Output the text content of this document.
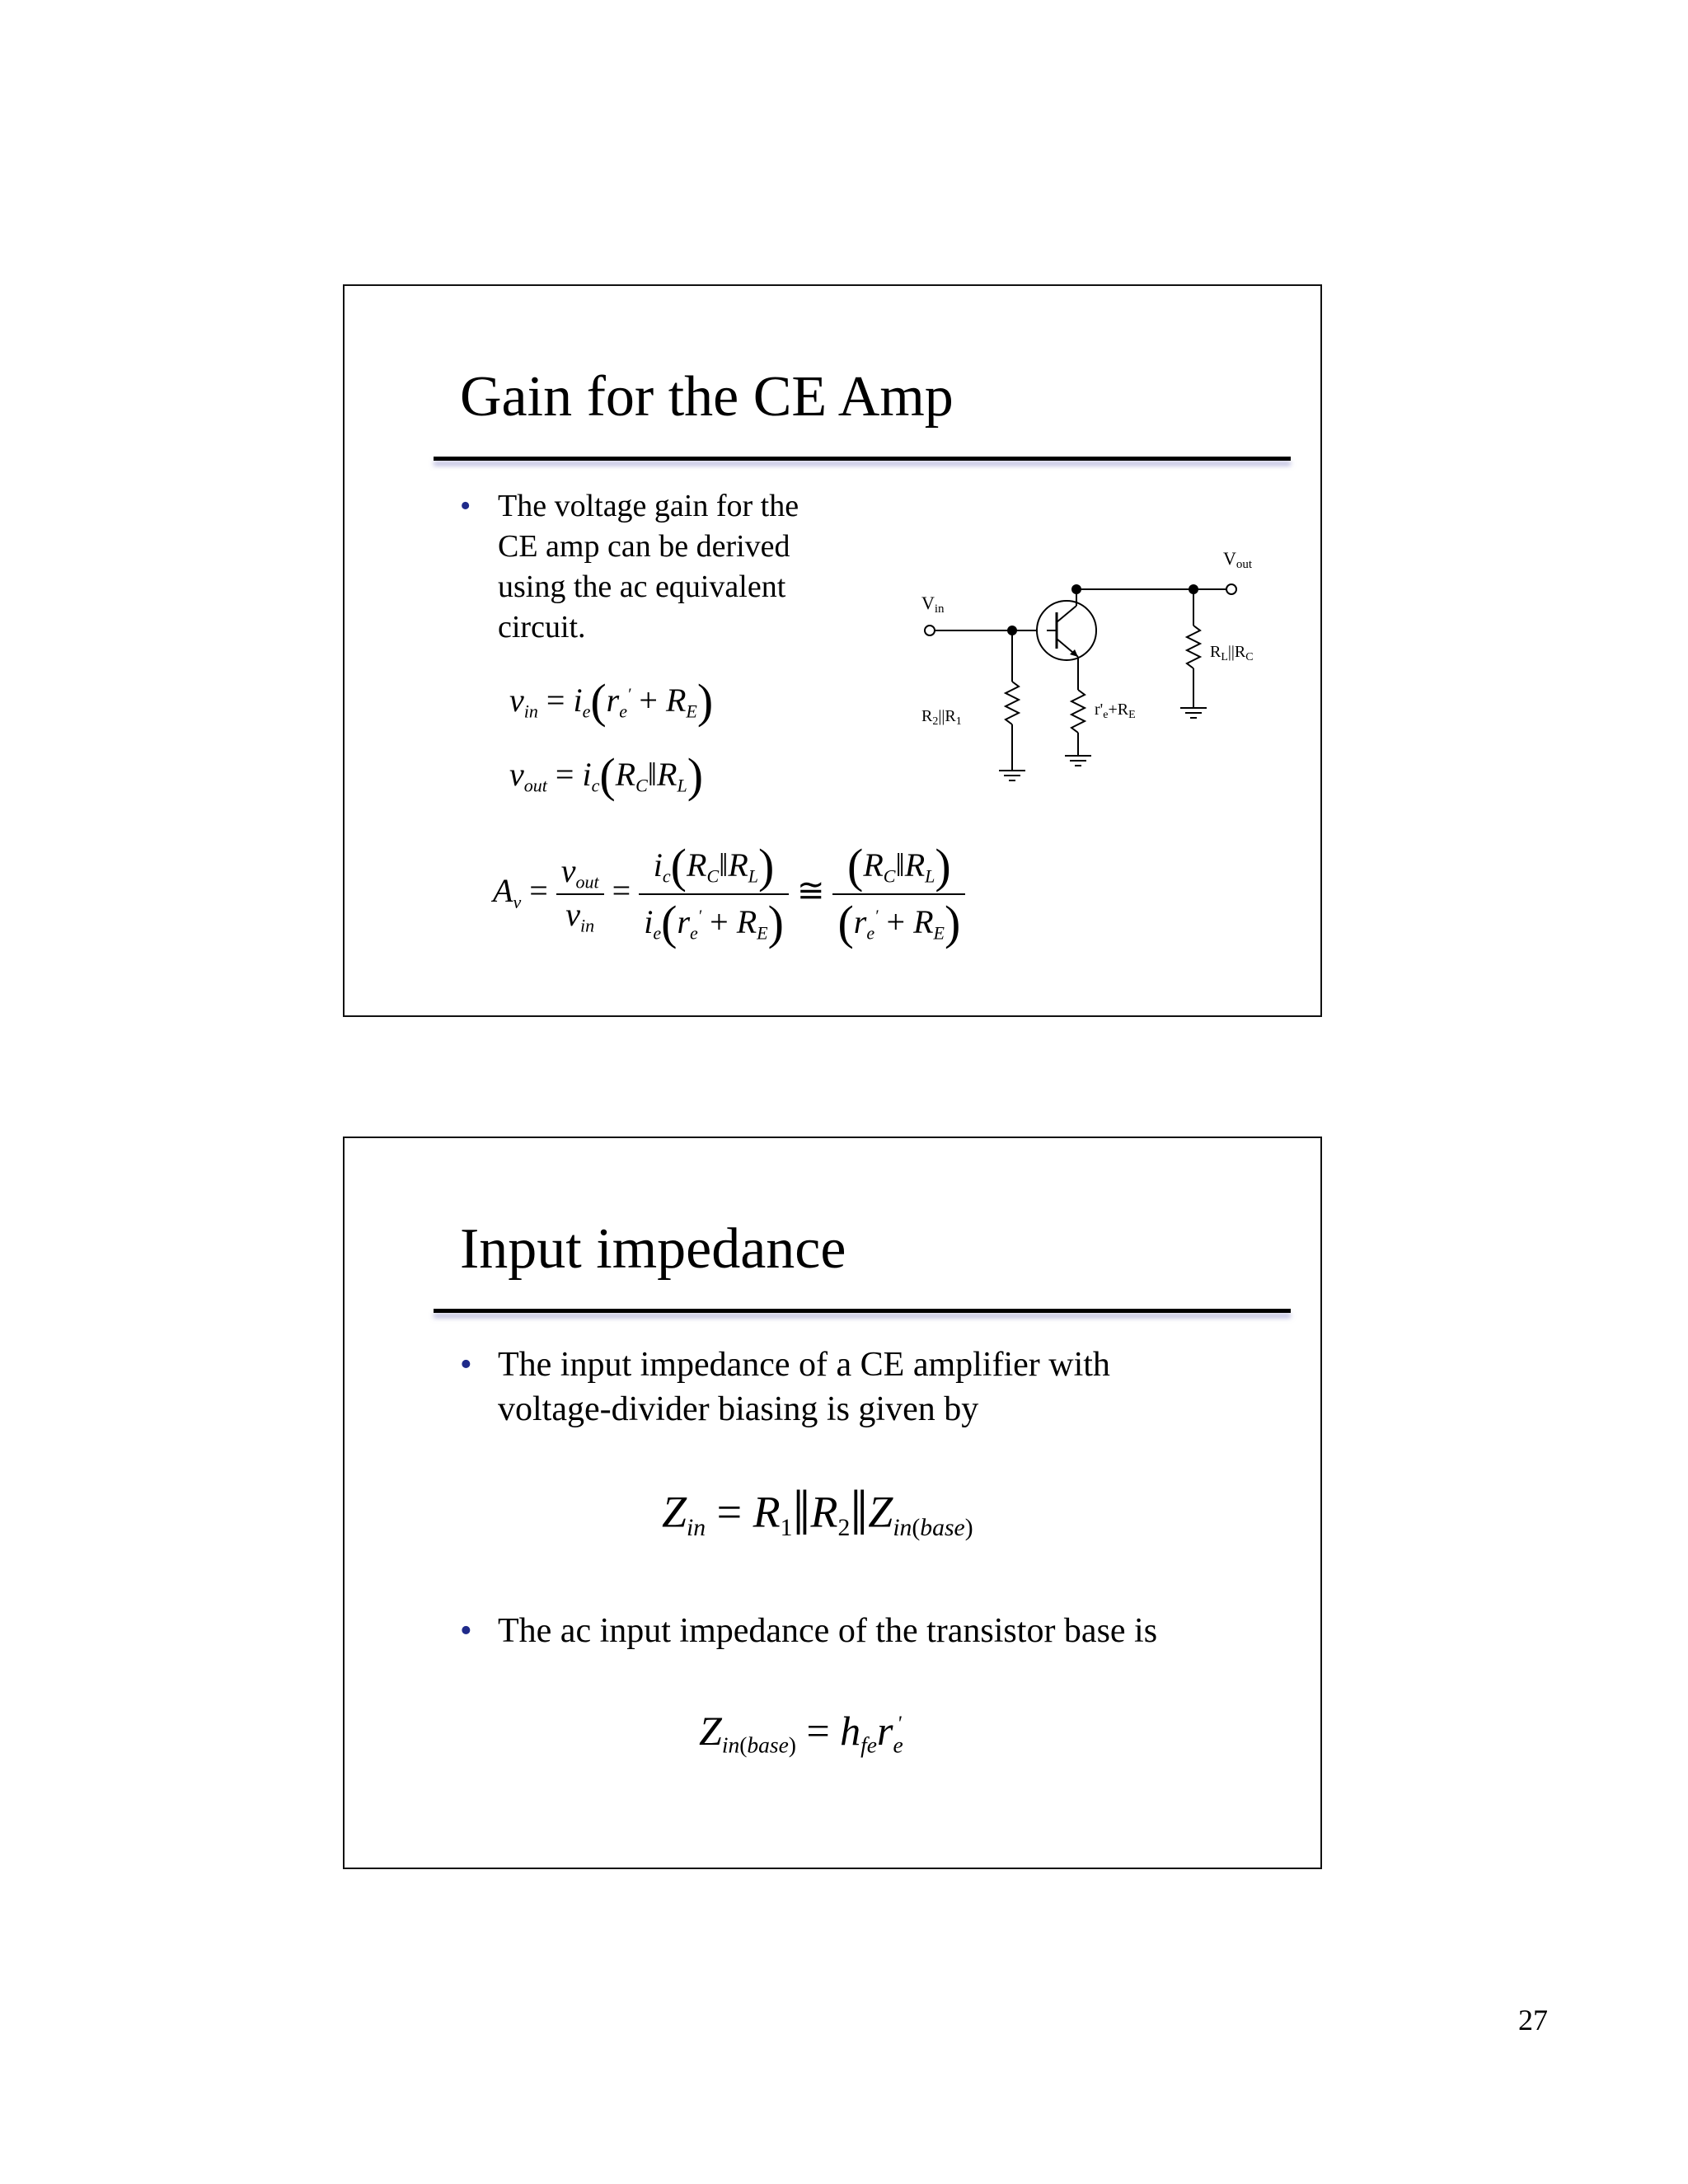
Gain for the CE Amp
• The voltage gain for the CE amp can be derived using the ac equivalent circuit.
$v_{in} = i_e(r_e' + R_E)$
$v_{out}$ = $i_c(R_C‖R_L)$
$A_v = \frac{v_{out}}{v_{in}} = \frac{i_c(R_C‖R_L)}{i_e(r_e' + R_E)}$ ≅ $\frac{(R_C‖R_L)}{(r_e' + R_E)}$
Vin
Vout
$R_2||R_1$
$r'_e+R_E$
$R_L||R_C$
Input impedance
• The input impedance of a CE amplifier with voltage-divider biasing is given by
$Z_{in}$ = $R_1‖R_2‖Z_{in(base)}$
• The ac input impedance of the transistor base is
$Z_{in(base)} = h_{fe}r_e'$
27
